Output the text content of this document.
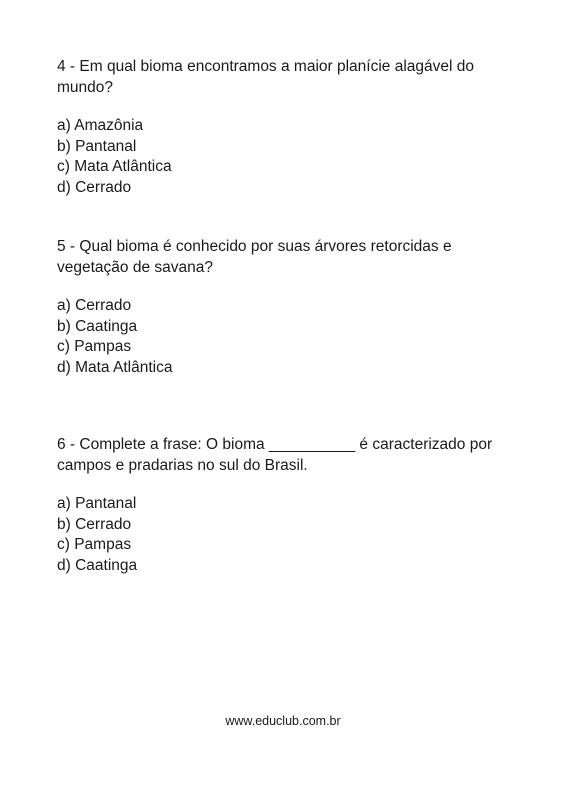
4 - Em qual bioma encontramos a maior planície alagável do mundo?

a) Amazônia
b) Pantanal
c) Mata Atlântica
d) Cerrado

5 - Qual bioma é conhecido por suas árvores retorcidas e vegetação de savana?

a) Cerrado
b) Caatinga
c) Pampas
d) Mata Atlântica

6 - Complete a frase: O bioma __________ é caracterizado por campos e pradarias no sul do Brasil.

a) Pantanal
b) Cerrado
c) Pampas
d) Caatinga
www.educlub.com.br
